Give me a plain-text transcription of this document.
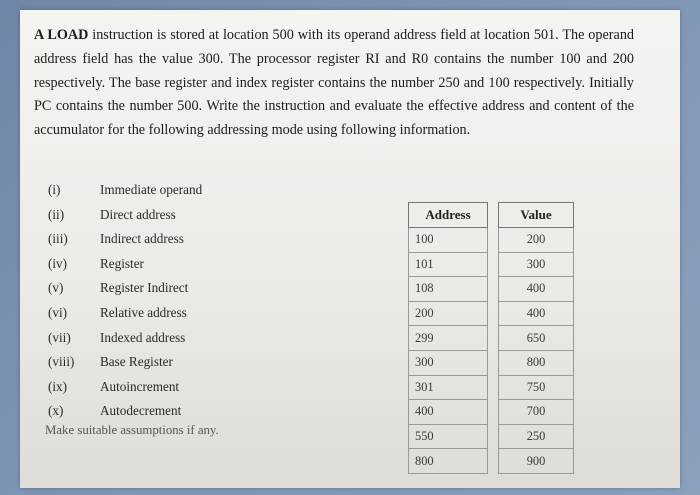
A LOAD instruction is stored at location 500 with its operand address field at location 501. The operand address field has the value 300. The processor register RI and R0 contains the number 100 and 200 respectively. The base register and index register contains the number 250 and 100 respectively. Initially PC contains the number 500. Write the instruction and evaluate the effective address and content of the accumulator for the following addressing mode using following information.

(i)	Immediate operand
(ii)	Direct address
(iii) Indirect address
(iv) Register
(v)	Register Indirect
(vi) Relative address
(vii) Indexed address
(viii) Base Register
(ix) Autoincrement
(x)	Autodecrement
Make suitable assumptions if any.
Address		Value
100		200
101		300
108		400
200		400
299		650
300		800
301		750
400		700
550		250
800		900
